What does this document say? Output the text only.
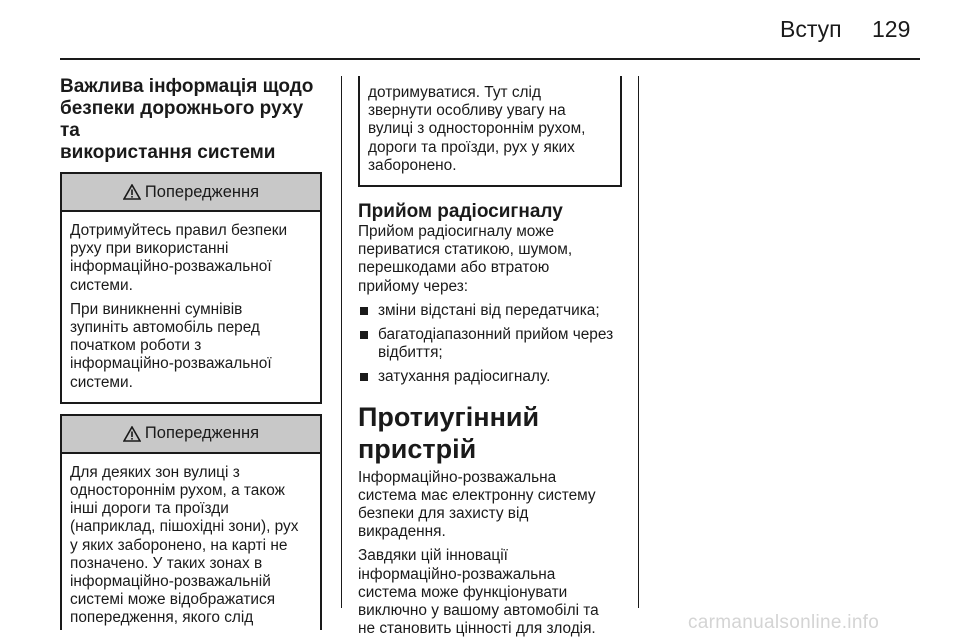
Вступ 129
Важлива інформація щодо
безпеки дорожнього руху та
використання системи
Попередження

Дотримуйтесь правил безпеки
руху при використанні
інформаційно-розважальної
системи.

При виникненні сумнівів
зупиніть автомобіль перед
початком роботи з
інформаційно-розважальної
системи.

Попередження

Для деяких зон вулиці з
одностороннім рухом, а також
інші дороги та проїзди
(наприклад, пішохідні зони), рух
у яких заборонено, на карті не
позначено. У таких зонах в
інформаційно-розважальній
системі може відображатися
попередження, якого слід

дотримуватися. Тут слід
звернути особливу увагу на
вулиці з одностороннім рухом,
дороги та проїзди, рух у яких
заборонено.

Прийом радіосигналу

Прийом радіосигналу може
периватися статикою, шумом,
перешкодами або втратою
прийому через:

зміни відстані від передатчика;
багатодіапазонний прийом через
відбиття;
затухання радіосигналу.
Протиугінний пристрій

Інформаційно-розважальна
система має електронну систему
безпеки для захисту від
викрадення.

Завдяки цій інновації
інформаційно-розважальна
система може функціонувати
виключно у вашому автомобілі та
не становить цінності для злодія.	carmanualsonline.info
